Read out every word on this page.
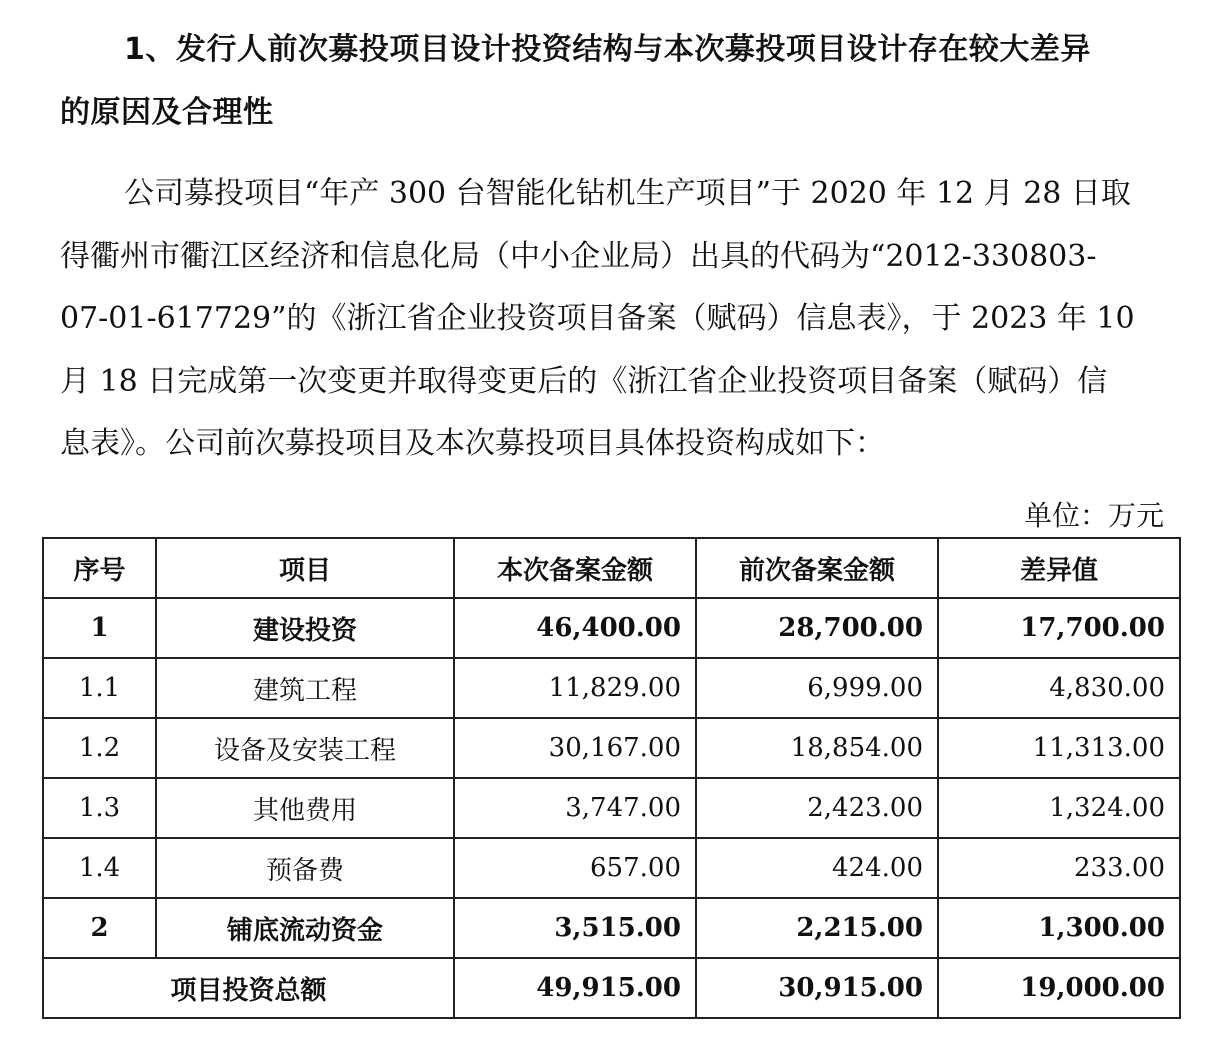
1、发行人前次募投项目设计投资结构与本次募投项目设计存在较大差异
的原因及合理性
公司募投项目“年产 300 台智能化钻机生产项目”于 2020 年 12 月 28 日取
得衢州市衢江区经济和信息化局（中小企业局）出具的代码为“2012-330803-
07-01-617729”的《浙江省企业投资项目备案（赋码）信息表》，于 2023 年 10
月 18 日完成第一次变更并取得变更后的《浙江省企业投资项目备案（赋码）信
息表》。公司前次募投项目及本次募投项目具体投资构成如下：
单位：万元
序号	项目	本次备案金额	前次备案金额	差异值
1	建设投资	46,400.00	28,700.00	17,700.00
1.1	建筑工程	11,829.00	6,999.00	4,830.00
1.2	设备及安装工程	30,167.00	18,854.00	11,313.00
1.3	其他费用	3,747.00	2,423.00	1,324.00
1.4	预备费	657.00	424.00	233.00
2	铺底流动资金	3,515.00	2,215.00	1,300.00
项目投资总额		49,915.00	30,915.00	19,000.00
